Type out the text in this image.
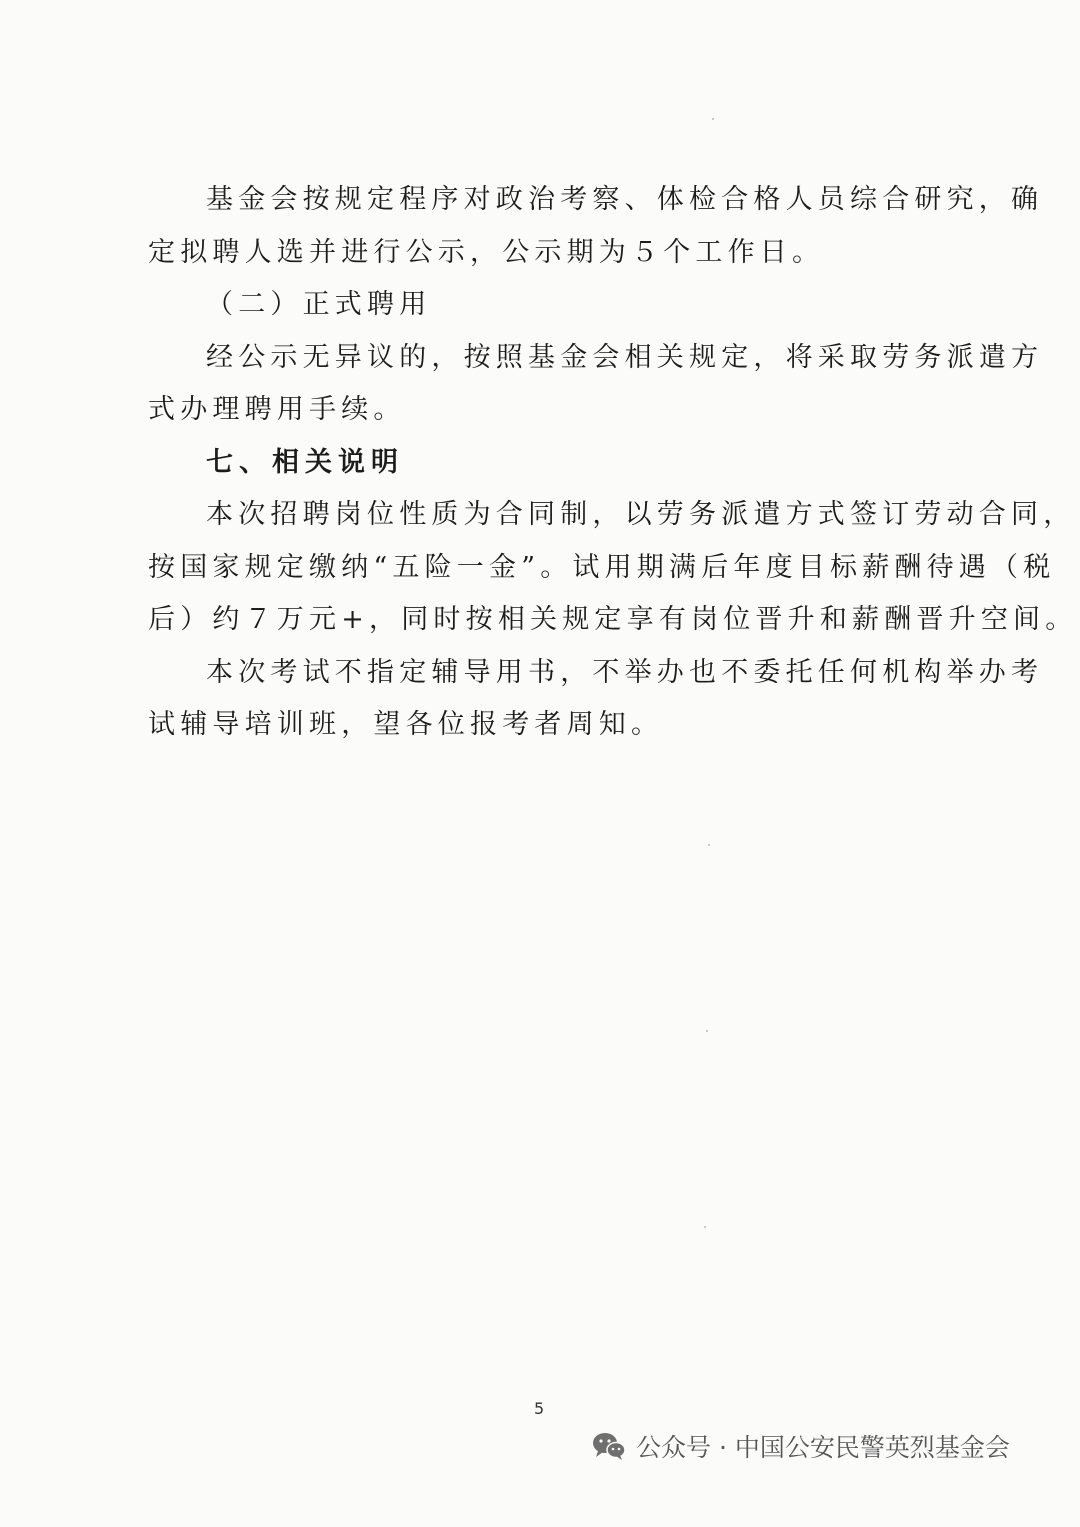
基金会按规定程序对政治考察、体检合格人员综合研究，确
定拟聘人选并进行公示，公示期为５个工作日。
（二）正式聘用
经公示无异议的，按照基金会相关规定，将采取劳务派遣方
式办理聘用手续。
七、相关说明
本次招聘岗位性质为合同制，以劳务派遣方式签订劳动合同，
按国家规定缴纳“五险一金”。试用期满后年度目标薪酬待遇（税
后）约７万元+，同时按相关规定享有岗位晋升和薪酬晋升空间。
本次考试不指定辅导用书，不举办也不委托任何机构举办考
试辅导培训班，望各位报考者周知。
5
公众号 · 中国公安民警英烈基金会
